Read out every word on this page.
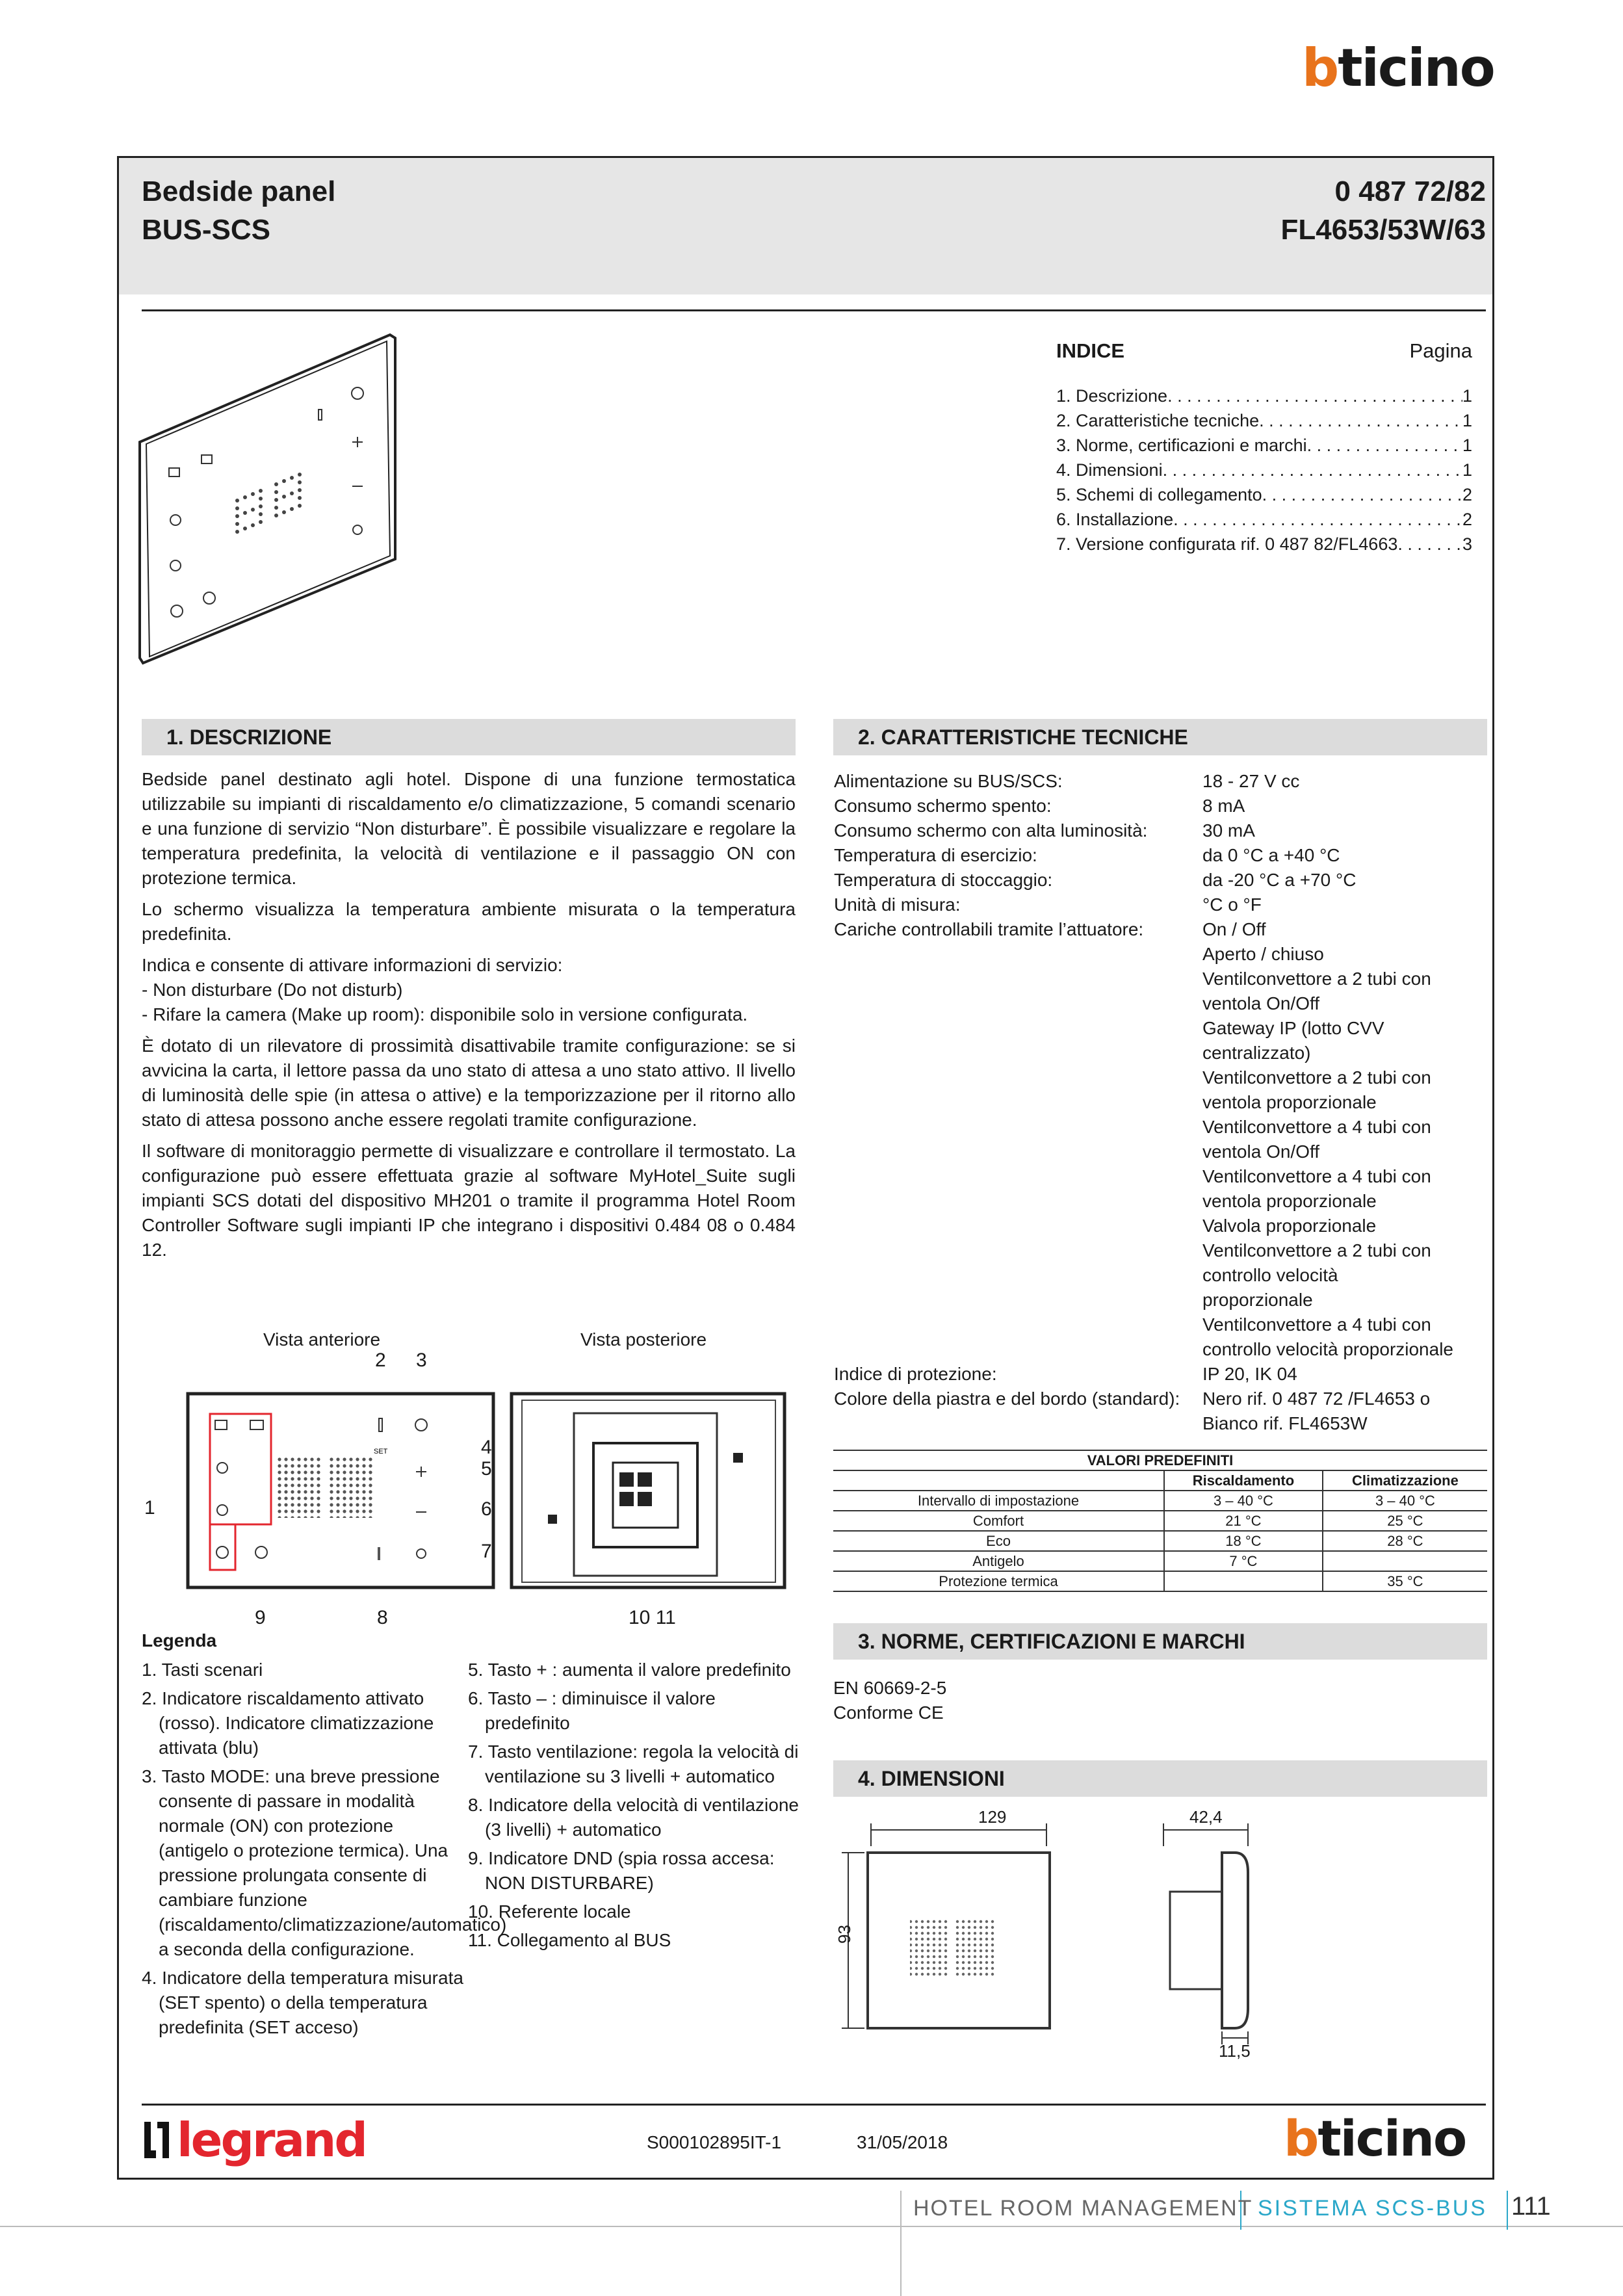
bticino
Bedside panel
BUS-SCS
0 487 72/82
FL4653/53W/63
INDICE	Pagina
1. Descrizione . . .	1
2. Caratteristiche tecniche . . .	1
3. Norme, certificazioni e marchi . . .	1
4. Dimensioni . . .	1
5. Schemi di collegamento . . .	2
6. Installazione . . .	2
7. Versione configurata rif. 0 487 82/FL4663 . . .	3
1. DESCRIZIONE

Bedside panel destinato agli hotel. Dispone di una funzione termostatica utilizzabile su impianti di riscaldamento e/o climatizzazione, 5 comandi scenario e una funzione di servizio “Non disturbare”. È possibile visualizzare e regolare la temperatura predefinita, la velocità di ventilazione e il passaggio ON con protezione termica.

Lo schermo visualizza la temperatura ambiente misurata o la temperatura predefinita.

Indica e consente di attivare informazioni di servizio:

- Non disturbare (Do not disturb)

- Rifare la camera (Make up room): disponibile solo in versione configurata.

È dotato di un rilevatore di prossimità disattivabile tramite configurazione: se si avvicina la carta, il lettore passa da uno stato di attesa a uno stato attivo. Il livello di luminosità delle spie (in attesa o attive) e la temporizzazione per il ritorno allo stato di attesa possono anche essere regolati tramite configurazione.

Il software di monitoraggio permette di visualizzare e controllare il termostato. La configurazione può essere effettuata grazie al software MyHotel_Suite sugli impianti SCS dotati del dispositivo MH201 o tramite il programma Hotel Room Controller Software sugli impianti IP che integrano i dispositivi 0.484 08 o 0.484 12.

Vista anteriore	Vista posteriore
SET
2 3
1
4
5
6
7
9	8	10 11
Legenda
1. Tasti scenari
2. Indicatore riscaldamento attivato (rosso). Indicatore climatizzazione attivata (blu)
3. Tasto MODE: una breve pressione consente di passare in modalità normale (ON) con protezione (antigelo o protezione termica). Una pressione prolungata consente di cambiare funzione (riscaldamento/climatizzazione/automatico) a seconda della configurazione.
4. Indicatore della temperatura misurata (SET spento) o della temperatura predefinita (SET acceso)
5. Tasto + : aumenta il valore predefinito
6. Tasto – : diminuisce il valore predefinito
7. Tasto ventilazione: regola la velocità di ventilazione su 3 livelli + automatico
8. Indicatore della velocità di ventilazione (3 livelli) + automatico
9. Indicatore DND (spia rossa accesa: NON DISTURBARE)
10. Referente locale
11. Collegamento al BUS
2. CARATTERISTICHE TECNICHE
Alimentazione su BUS/SCS:	18 - 27 V cc
Consumo schermo spento:	8 mA
Consumo schermo con alta luminosità:	30 mA
Temperatura di esercizio:	da 0 °C a +40 °C
Temperatura di stoccaggio:	da -20 °C a +70 °C
Unità di misura:	°C o °F
Cariche controllabili tramite l’attuatore:	On / Off
Aperto / chiuso
Ventilconvettore a 2 tubi con
ventola On/Off
Gateway IP (lotto CVV
centralizzato)
Ventilconvettore a 2 tubi con
ventola proporzionale
Ventilconvettore a 4 tubi con
ventola On/Off
Ventilconvettore a 4 tubi con
ventola proporzionale
Valvola proporzionale
Ventilconvettore a 2 tubi con
controllo velocità
proporzionale
Ventilconvettore a 4 tubi con
controllo velocità proporzionale
Indice di protezione:	IP 20, IK 04
Colore della piastra e del bordo (standard): Nero rif. 0 487 72 /FL4653 o
Bianco rif. FL4653W
VALORI PREDEFINITI		
	Riscaldamento	Climatizzazione
Intervallo di impostazione	3 – 40 °C	3 – 40 °C
Comfort	21 °C	25 °C
Eco	18 °C	28 °C
Antigelo	7 °C	
Protezione termica		35 °C
3. NORME, CERTIFICAZIONI E MARCHI
EN 60669-2-5
Conforme CE
4. DIMENSIONI
129	42,4
93
11,5
legrand	S000102895IT-1	31/05/2018	bticino
HOTEL ROOM MANAGEMENT SISTEMA SCS-BUS 111
